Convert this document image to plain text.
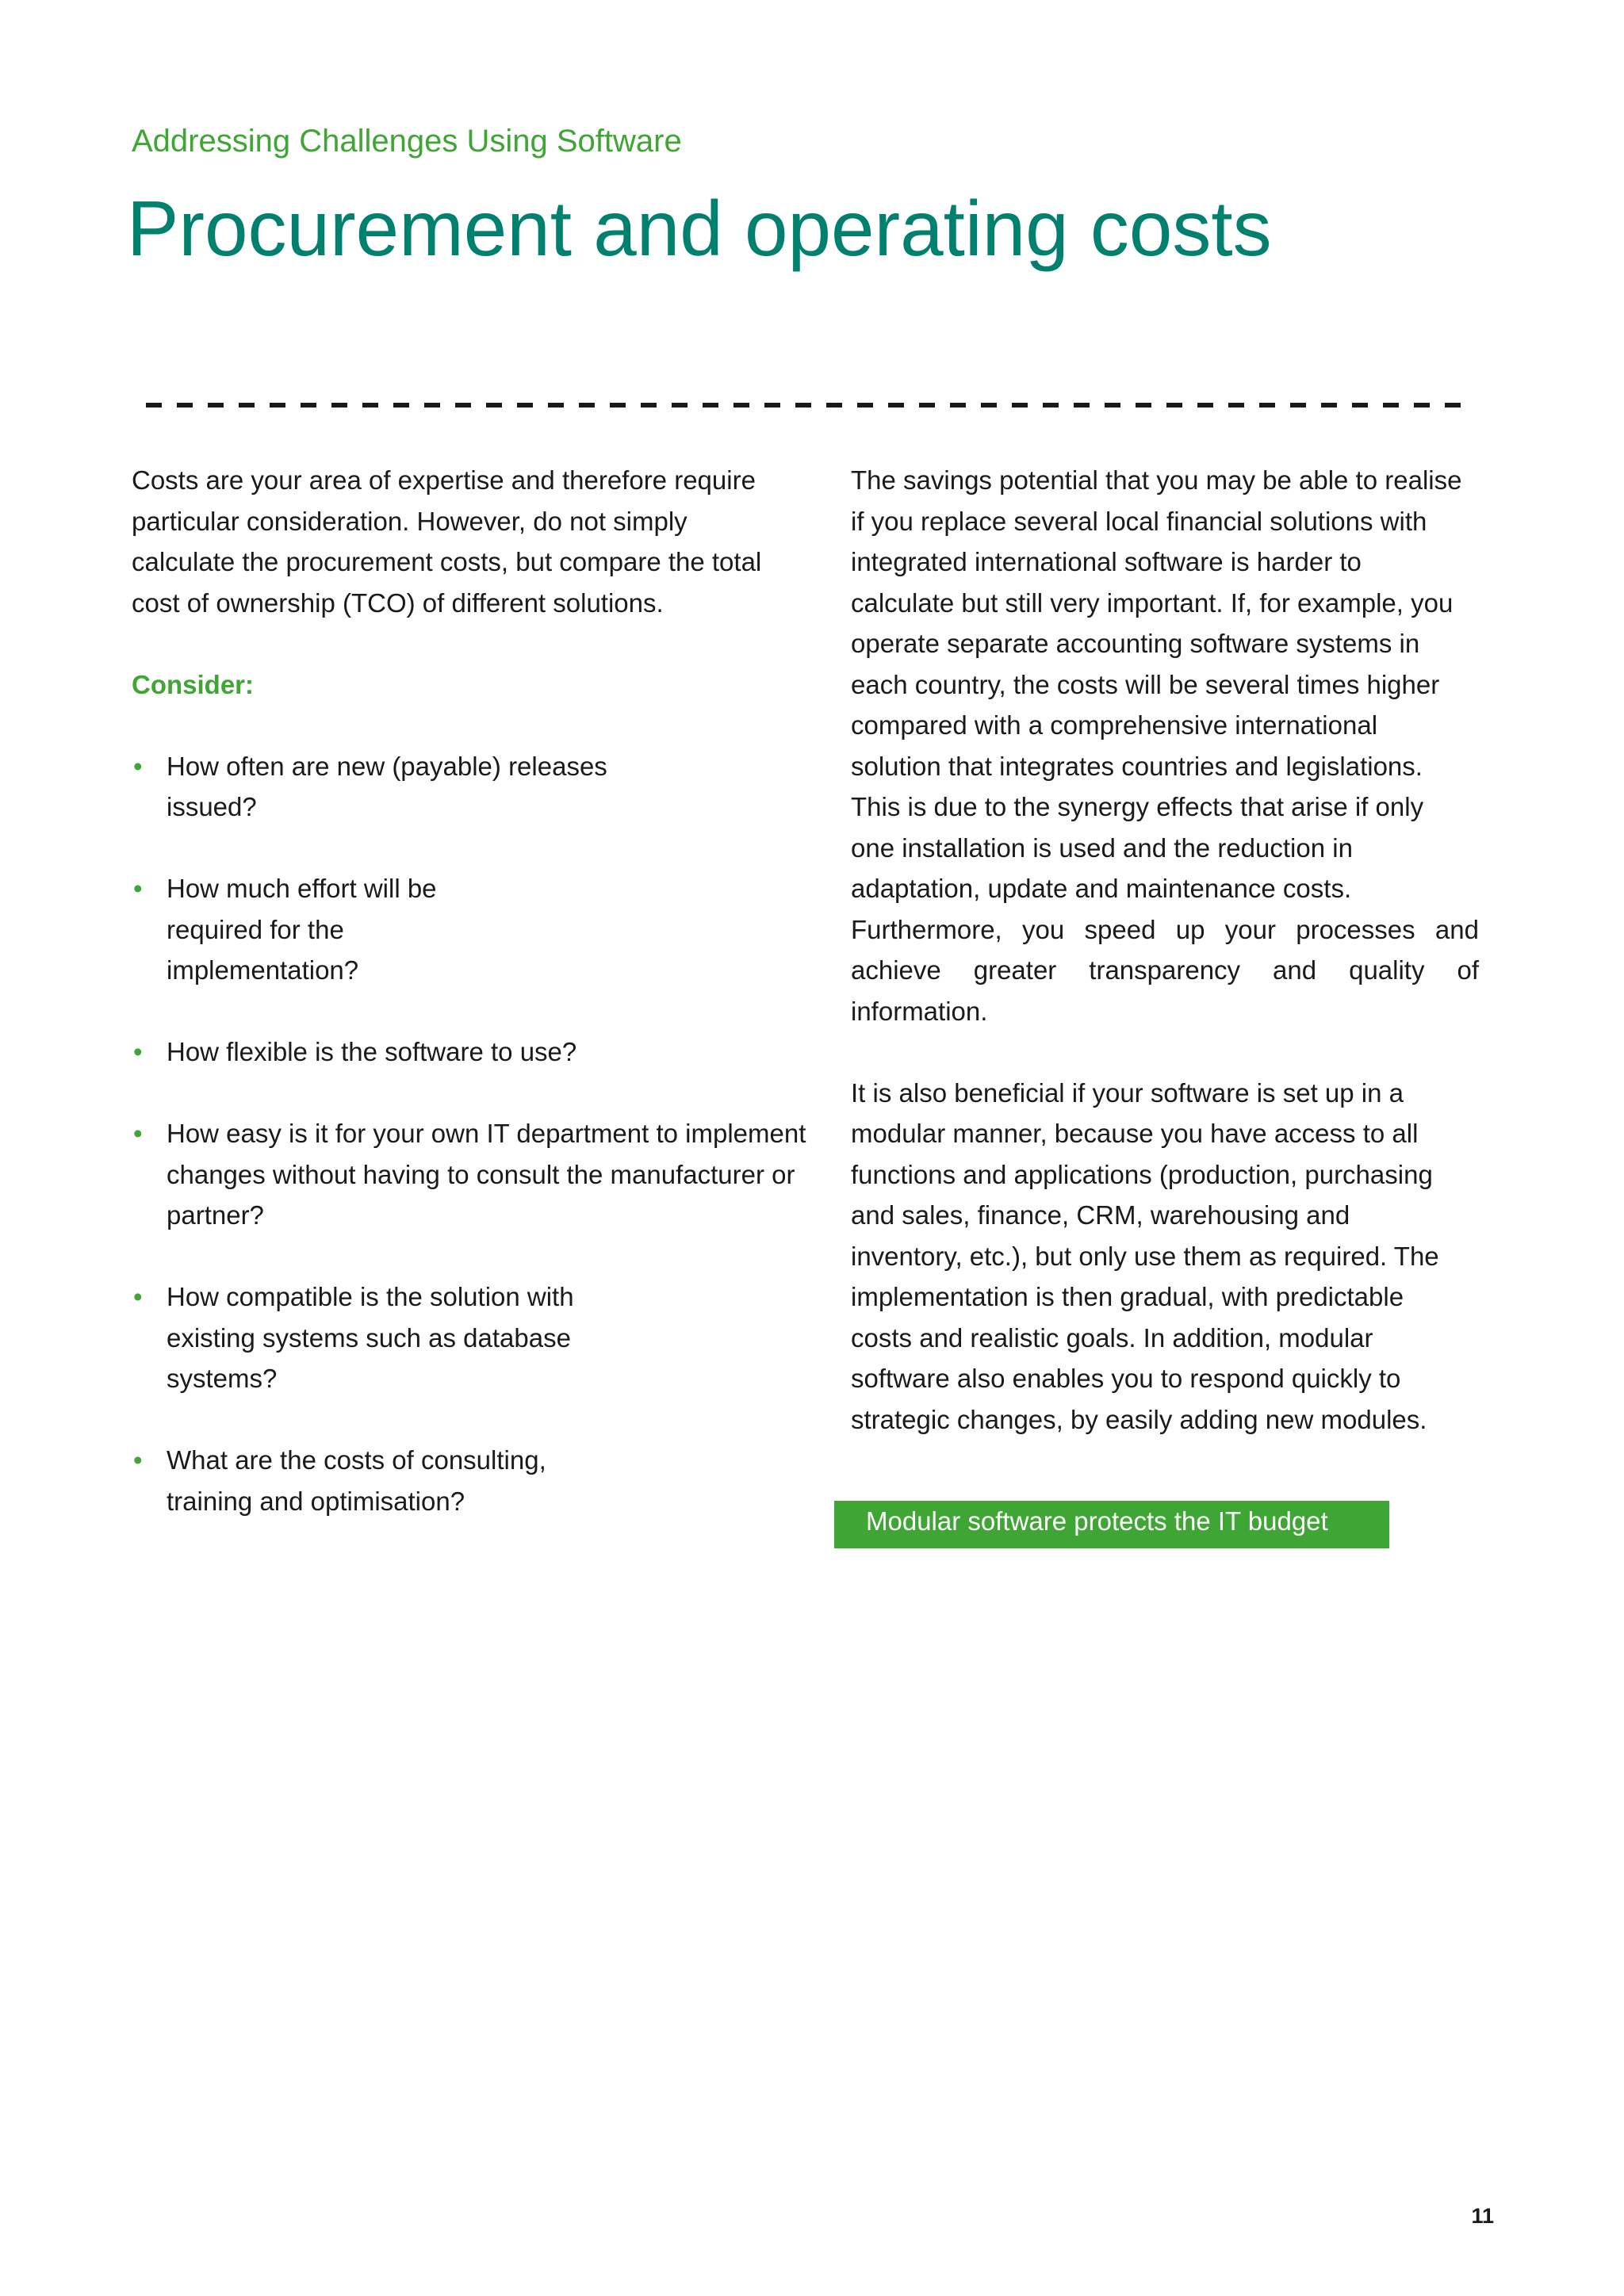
Addressing Challenges Using Software
Procurement and operating costs

Costs are your area of expertise and therefore require particular consideration. However, do not simply calculate the procurement costs, but compare the total cost of ownership (TCO) of different solutions.

Consider:

• How often are new (payable) releases issued?
• How much effort will be required for the implementation?
• How flexible is the software to use?
• How easy is it for your own IT department to implement changes without having to consult the manufacturer or partner?
• How compatible is the solution with existing systems such as database systems?
• What are the costs of consulting, training and optimisation?

The savings potential that you may be able to realise

if you replace several local financial solutions with

integrated international software is harder to

calculate but still very important. If, for example, you

operate separate accounting software systems in

each country, the costs will be several times higher

compared with a comprehensive international

solution that integrates countries and legislations.

This is due to the synergy effects that arise if only

one installation is used and the reduction in

adaptation, update and maintenance costs.

Furthermore, you speed up your processes and

achieve greater transparency and quality of

information.

It is also beneficial if your software is set up in a

modular manner, because you have access to all

functions and applications (production, purchasing

and sales, finance, CRM, warehousing and

inventory, etc.), but only use them as required. The

implementation is then gradual, with predictable

costs and realistic goals. In addition, modular

software also enables you to respond quickly to

strategic changes, by easily adding new modules.

Modular software protects the IT budget
11
